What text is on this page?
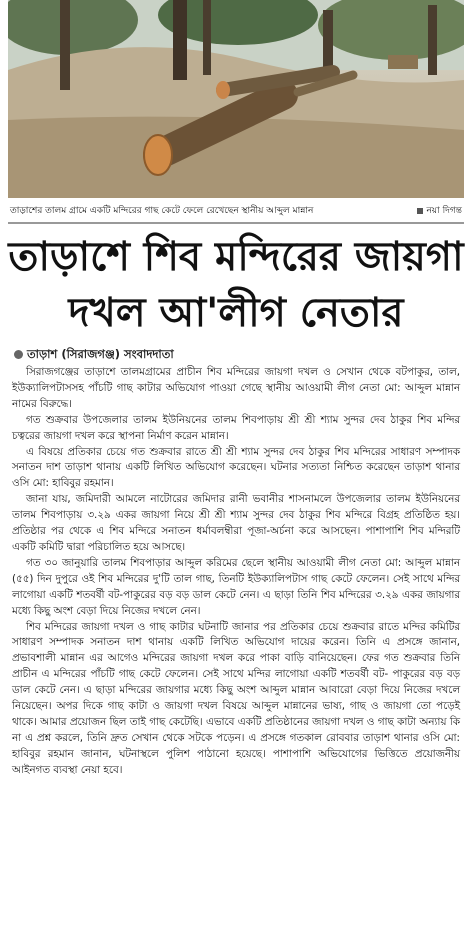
তাড়াশের তালম গ্রামে একটি মন্দিরের গাছ কেটে ফেলে রেখেছেন স্থানীয় আব্দুল মান্নান	নয়া দিগন্ত
তাড়াশে শিব মন্দিরের জায়গা
দখল আ'লীগ নেতার
তাড়াশ (সিরাজগঞ্জ) সংবাদদাতা

সিরাজগঞ্জের তাড়াশে তালমগ্রামের প্রাচীন শিব মন্দিরের জায়গা দখল ও সেখান থেকে বটপাকুর, তাল, ইউক্যালিপটাসসহ পাঁচটি গাছ কাটার অভিযোগ পাওয়া গেছে স্থানীয় আওয়ামী লীগ নেতা মো: আব্দুল মান্নান নামের বিরুদ্ধে।

গত শুক্রবার উপজেলার তালম ইউনিয়নের তালম শিবপাড়ায় শ্রী শ্রী শ্যাম সুন্দর দেব ঠাকুর শিব মন্দির চত্বরের জায়গা দখল করে স্থাপনা নির্মাণ করেন মান্নান।

এ বিষয়ে প্রতিকার চেয়ে গত শুক্রবার রাতে শ্রী শ্রী শ্যাম সুন্দর দেব ঠাকুর শিব মন্দিরের সাধারণ সম্পাদক সনাতন দাশ তাড়াশ থানায় একটি লিখিত অভিযোগ করেছেন। ঘটনার সত্যতা নিশ্চিত করেছেন তাড়াশ থানার ওসি মো: হাবিবুর রহমান।

জানা যায়, জমিদারী আমলে নাটোরের জমিদার রানী ভবানীর শাসনামলে উপজেলার তালম ইউনিয়নের তালম শিবপাড়ায় ৩.২৯ একর জায়গা নিয়ে শ্রী শ্রী শ্যাম সুন্দর দেব ঠাকুর শিব মন্দিরে বিগ্রহ প্রতিষ্ঠিত হয়। প্রতিষ্ঠার পর থেকে এ শিব মন্দিরে সনাতন ধর্মাবলম্বীরা পূজা-অর্চনা করে আসছেন। পাশাপাশি শিব মন্দিরটি একটি কমিটি দ্বারা পরিচালিত হয়ে আসছে।

গত ৩০ জানুয়ারি তালম শিবপাড়ার আব্দুল করিমের ছেলে স্থানীয় আওয়ামী লীগ নেতা মো: আব্দুল মান্নান (৫৫) দিন দুপুরে ওই শিব মন্দিরের দু'টি তাল গাছ, তিনটি ইউক্যালিপটাস গাছ কেটে ফেলেন। সেই সাথে মন্দির লাগোয়া একটি শতবর্ষী বট-পাকুরের বড় বড় ডাল কেটে নেন। এ ছাড়া তিনি শিব মন্দিরের ৩.২৯ একর জায়গার মধ্যে কিছু অংশ বেড়া দিয়ে নিজের দখলে নেন।

শিব মন্দিরের জায়গা দখল ও গাছ কাটার ঘটনাটি জানার পর প্রতিকার চেয়ে শুক্রবার রাতে মন্দির কমিটির সাধারণ সম্পাদক সনাতন দাশ থানায় একটি লিখিত অভিযোগ দায়ের করেন। তিনি এ প্রসঙ্গে জানান, প্রভাবশালী মান্নান এর আগেও মন্দিরের জায়গা দখল করে পাকা বাড়ি বানিয়েছেন। ফের গত শুক্রবার তিনি প্রাচীন এ মন্দিরের পাঁচটি গাছ কেটে ফেলেন। সেই সাথে মন্দির লাগোয়া একটি শতবর্ষী বট- পাকুরের বড় বড় ডাল কেটে নেন। এ ছাড়া মন্দিরের জায়গার মধ্যে কিছু অংশ আব্দুল মান্নান আবারো বেড়া দিয়ে নিজের দখলে নিয়েছেন। অপর দিকে গাছ কাটা ও জায়গা দখল বিষয়ে আব্দুল মান্নানের ভাষ্য, গাছ ও জায়গা তো পড়েই থাকে। আমার প্রয়োজন ছিল তাই গাছ কেটেছি। এভাবে একটি প্রতিষ্ঠানের জায়গা দখল ও গাছ কাটা অন্যায় কি না এ প্রশ্ন করলে, তিনি দ্রুত সেখান থেকে সটকে পড়েন। এ প্রসঙ্গে গতকাল রোববার তাড়াশ থানার ওসি মো: হাবিবুর রহমান জানান, ঘটনাস্থলে পুলিশ পাঠানো হয়েছে। পাশাপাশি অভিযোগের ভিত্তিতে প্রয়োজনীয় আইনগত ব্যবস্থা নেয়া হবে।
